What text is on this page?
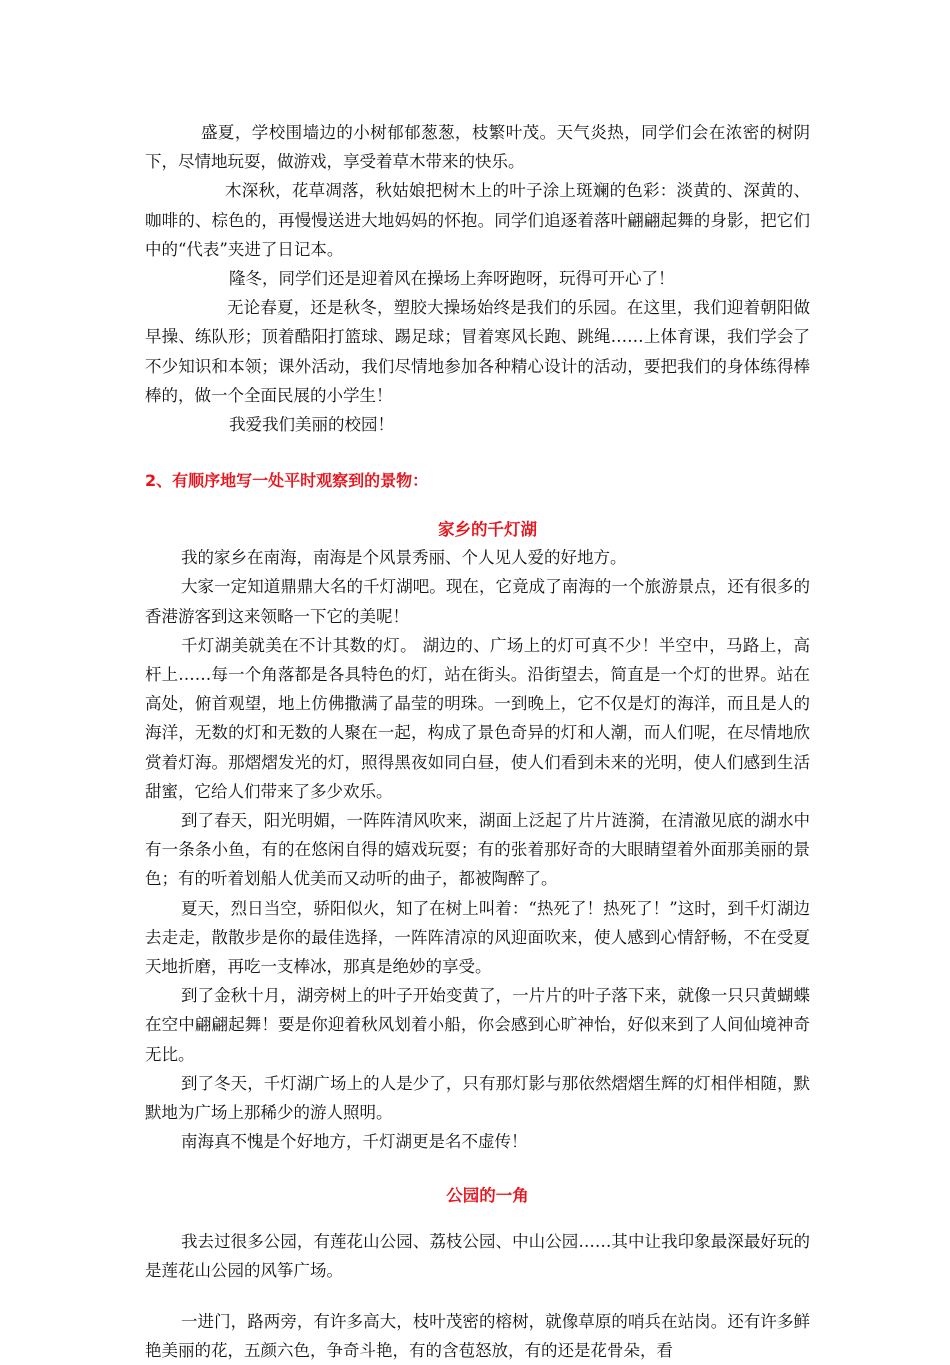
盛夏，学校围墙边的小树郁郁葱葱，枝繁叶茂。天气炎热，同学们会在浓密的树阴下，尽情地玩耍，做游戏，享受着草木带来的快乐。

木深秋，花草凋落，秋姑娘把树木上的叶子涂上斑斓的色彩：淡黄的、深黄的、咖啡的、棕色的，再慢慢送进大地妈妈的怀抱。同学们追逐着落叶翩翩起舞的身影，把它们中的“代表”夹进了日记本。

隆冬，同学们还是迎着风在操场上奔呀跑呀，玩得可开心了！

无论春夏，还是秋冬，塑胶大操场始终是我们的乐园。在这里，我们迎着朝阳做早操、练队形；顶着酷阳打篮球、踢足球；冒着寒风长跑、跳绳……上体育课，我们学会了不少知识和本领；课外活动，我们尽情地参加各种精心设计的活动，要把我们的身体练得棒棒的，做一个全面民展的小学生！

我爱我们美丽的校园！

2、有顺序地写一处平时观察到的景物：
家乡的千灯湖

我的家乡在南海，南海是个风景秀丽、个人见人爱的好地方。

大家一定知道鼎鼎大名的千灯湖吧。现在，它竟成了南海的一个旅游景点，还有很多的香港游客到这来领略一下它的美呢！

千灯湖美就美在不计其数的灯。 湖边的、广场上的灯可真不少！半空中，马路上，高杆上……每一个角落都是各具特色的灯，站在街头。沿街望去，简直是一个灯的世界。站在高处，俯首观望，地上仿佛撒满了晶莹的明珠。一到晚上，它不仅是灯的海洋，而且是人的海洋，无数的灯和无数的人聚在一起，构成了景色奇异的灯和人潮，而人们呢，在尽情地欣赏着灯海。那熠熠发光的灯，照得黑夜如同白昼，使人们看到未来的光明，使人们感到生活甜蜜，它给人们带来了多少欢乐。

到了春天，阳光明媚，一阵阵清风吹来，湖面上泛起了片片涟漪，在清澈见底的湖水中有一条条小鱼，有的在悠闲自得的嬉戏玩耍；有的张着那好奇的大眼睛望着外面那美丽的景色；有的听着划船人优美而又动听的曲子，都被陶醉了。

夏天，烈日当空，骄阳似火，知了在树上叫着：“热死了！热死了！”这时，到千灯湖边去走走，散散步是你的最佳选择，一阵阵清凉的风迎面吹来，使人感到心情舒畅，不在受夏天地折磨，再吃一支棒冰，那真是绝妙的享受。

到了金秋十月，湖旁树上的叶子开始变黄了，一片片的叶子落下来，就像一只只黄蝴蝶在空中翩翩起舞！要是你迎着秋风划着小船，你会感到心旷神怡，好似来到了人间仙境神奇无比。

到了冬天，千灯湖广场上的人是少了，只有那灯影与那依然熠熠生辉的灯相伴相随，默默地为广场上那稀少的游人照明。

南海真不愧是个好地方，千灯湖更是名不虚传！

公园的一角

我去过很多公园，有莲花山公园、荔枝公园、中山公园……其中让我印象最深最好玩的是莲花山公园的风筝广场。

一进门，路两旁，有许多高大，枝叶茂密的榕树，就像草原的哨兵在站岗。还有许多鲜艳美丽的花，五颜六色，争奇斗艳，有的含苞怒放，有的还是花骨朵，看
